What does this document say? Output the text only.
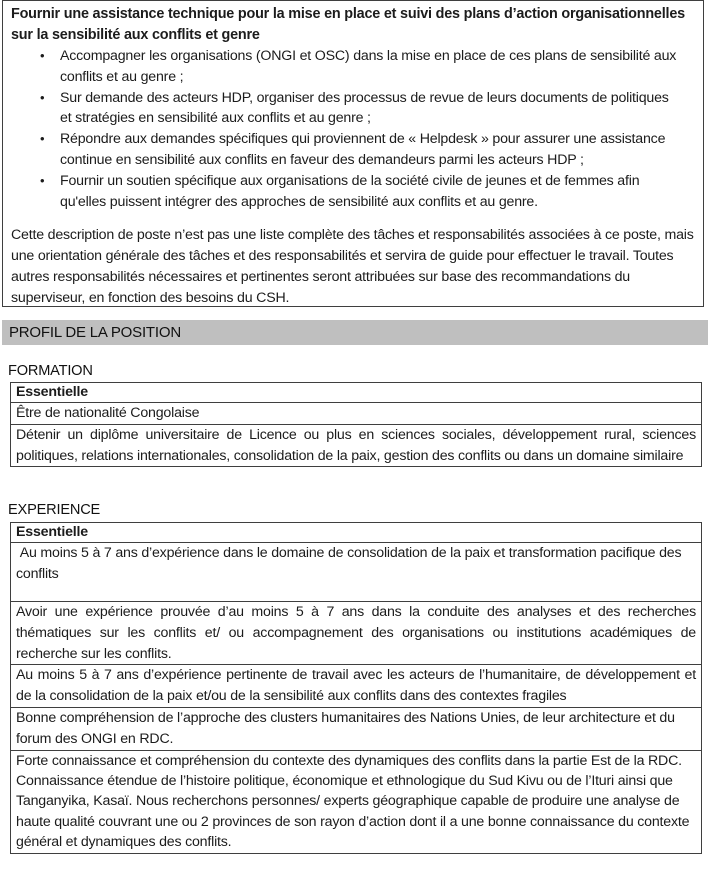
Fournir une assistance technique pour la mise en place et suivi des plans d’action organisationnelles sur la sensibilité aux conflits et genre
•	Accompagner les organisations (ONGI et OSC) dans la mise en place de ces plans de sensibilité aux conflits et au genre ;
•	Sur demande des acteurs HDP, organiser des processus de revue de leurs documents de politiques et stratégies en sensibilité aux conflits et au genre ;
•	Répondre aux demandes spécifiques qui proviennent de « Helpdesk » pour assurer une assistance continue en sensibilité aux conflits en faveur des demandeurs parmi les acteurs HDP ;
•	Fournir un soutien spécifique aux organisations de la société civile de jeunes et de femmes afin qu'elles puissent intégrer des approches de sensibilité aux conflits et au genre.

Cette description de poste n’est pas une liste complète des tâches et responsabilités associées à ce poste, mais une orientation générale des tâches et des responsabilités et servira de guide pour effectuer le travail. Toutes autres responsabilités nécessaires et pertinentes seront attribuées sur base des recommandations du superviseur, en fonction des besoins du CSH.

PROFIL DE LA POSITION
FORMATION
Essentielle
Être de nationalité Congolaise
Détenir un diplôme universitaire de Licence ou plus en sciences sociales, développement rural, sciences politiques, relations internationales, consolidation de la paix, gestion des conflits ou dans un domaine similaire
EXPERIENCE
Essentielle
Au moins 5 à 7 ans d’expérience dans le domaine de consolidation de la paix et transformation pacifique des conflits
Avoir une expérience prouvée d’au moins 5 à 7 ans dans la conduite des analyses et des recherches thématiques sur les conflits et/ ou accompagnement des organisations ou institutions académiques de recherche sur les conflits.
Au moins 5 à 7 ans d’expérience pertinente de travail avec les acteurs de l’humanitaire, de développement et de la consolidation de la paix et/ou de la sensibilité aux conflits dans des contextes fragiles
Bonne compréhension de l’approche des clusters humanitaires des Nations Unies, de leur architecture et du forum des ONGI en RDC.
Forte connaissance et compréhension du contexte des dynamiques des conflits dans la partie Est de la RDC. Connaissance étendue de l’histoire politique, économique et ethnologique du Sud Kivu ou de l’Ituri ainsi que Tanganyika, Kasaï. Nous recherchons personnes/ experts géographique capable de produire une analyse de haute qualité couvrant une ou 2 provinces de son rayon d’action dont il a une bonne connaissance du contexte général et dynamiques des conflits.
